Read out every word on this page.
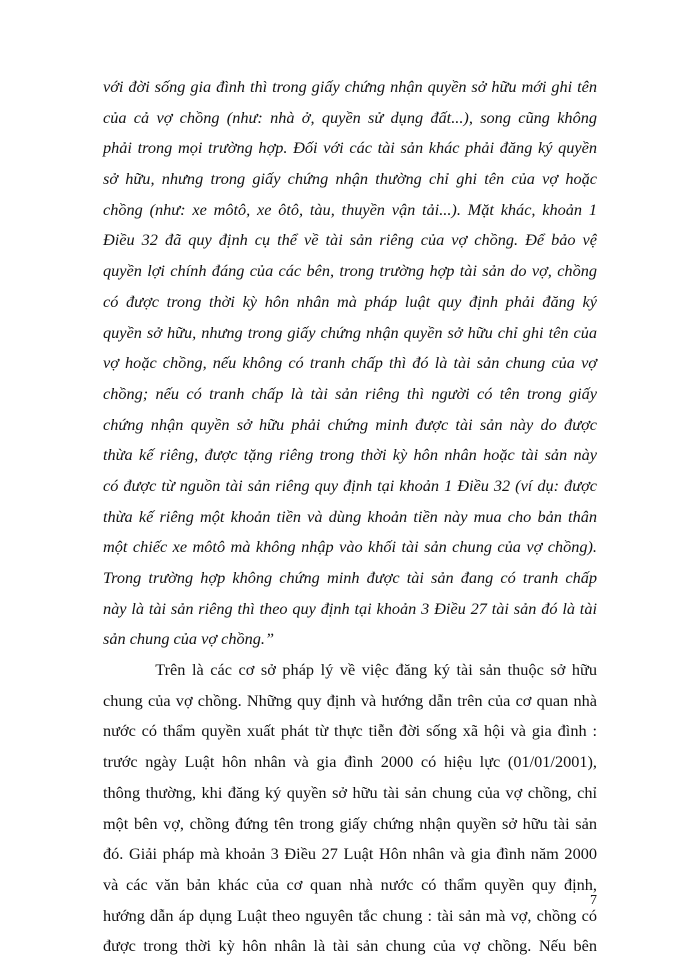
với đời sống gia đình thì trong giấy chứng nhận quyền sở hữu mới ghi tên
của cả vợ chồng (như: nhà ở, quyền sử dụng đất...), song cũng không
phải trong mọi trường hợp. Đối với các tài sản khác phải đăng ký quyền
sở hữu, nhưng trong giấy chứng nhận thường chỉ ghi tên của vợ hoặc
chồng (như: xe môtô, xe ôtô, tàu, thuyền vận tải...). Mặt khác, khoản 1
Điều 32 đã quy định cụ thể về tài sản riêng của vợ chồng. Để bảo vệ
quyền lợi chính đáng của các bên, trong trường hợp tài sản do vợ, chồng
có được trong thời kỳ hôn nhân mà pháp luật quy định phải đăng ký
quyền sở hữu, nhưng trong giấy chứng nhận quyền sở hữu chỉ ghi tên của
vợ hoặc chồng, nếu không có tranh chấp thì đó là tài sản chung của vợ
chồng; nếu có tranh chấp là tài sản riêng thì người có tên trong giấy
chứng nhận quyền sở hữu phải chứng minh được tài sản này do được
thừa kế riêng, được tặng riêng trong thời kỳ hôn nhân hoặc tài sản này
có được từ nguồn tài sản riêng quy định tại khoản 1 Điều 32 (ví dụ: được
thừa kế riêng một khoản tiền và dùng khoản tiền này mua cho bản thân
một chiếc xe môtô mà không nhập vào khối tài sản chung của vợ chồng).
Trong trường hợp không chứng minh được tài sản đang có tranh chấp
này là tài sản riêng thì theo quy định tại khoản 3 Điều 27 tài sản đó là tài
sản chung của vợ chồng.”
Trên là các cơ sở pháp lý về việc đăng ký tài sản thuộc sở hữu
chung của vợ chồng. Những quy định và hướng dẫn trên của cơ quan nhà
nước có thẩm quyền xuất phát từ thực tiễn đời sống xã hội và gia đình :
trước ngày Luật hôn nhân và gia đình 2000 có hiệu lực (01/01/2001),
thông thường, khi đăng ký quyền sở hữu tài sản chung của vợ chồng, chỉ
một bên vợ, chồng đứng tên trong giấy chứng nhận quyền sở hữu tài sản
đó. Giải pháp mà khoản 3 Điều 27 Luật Hôn nhân và gia đình năm 2000
và các văn bản khác của cơ quan nhà nước có thẩm quyền quy định,
hướng dẫn áp dụng Luật theo nguyên tắc chung : tài sản mà vợ, chồng có
được trong thời kỳ hôn nhân là tài sản chung của vợ chồng. Nếu bên
7
